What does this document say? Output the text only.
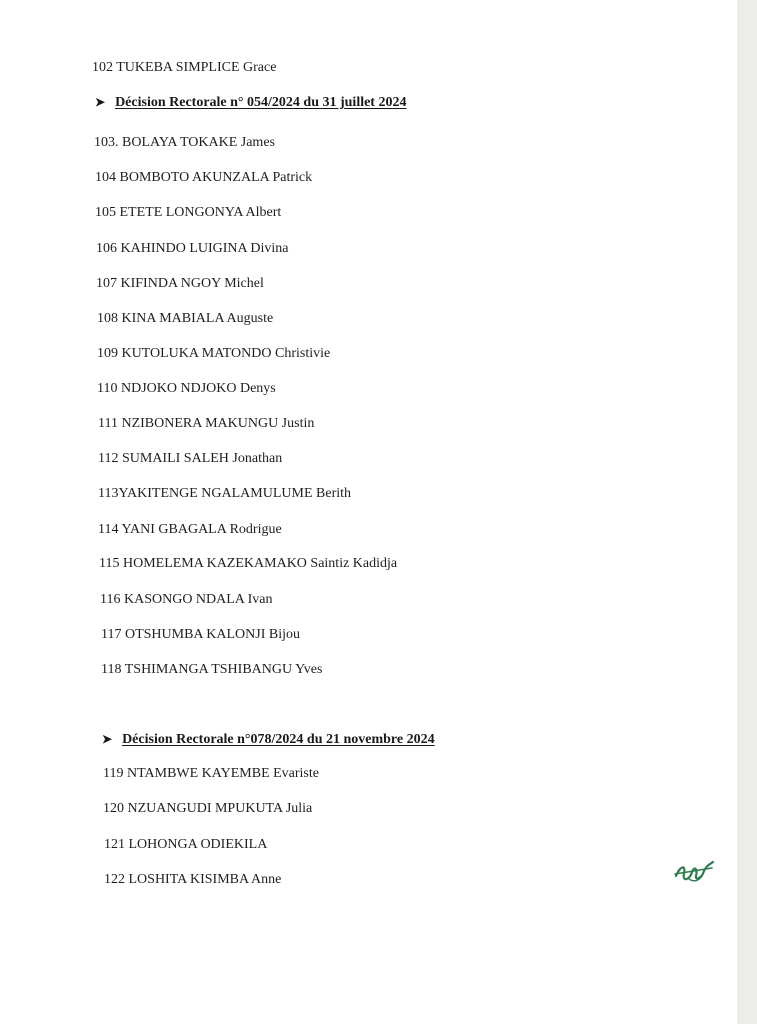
102 TUKEBA SIMPLICE Grace
➤ Décision Rectorale n° 054/2024 du 31 juillet 2024
103. BOLAYA TOKAKE James
104 BOMBOTO AKUNZALA Patrick
105 ETETE LONGONYA Albert
106 KAHINDO LUIGINA Divina
107 KIFINDA NGOY Michel
108 KINA MABIALA Auguste
109 KUTOLUKA MATONDO Christivie
110 NDJOKO NDJOKO Denys
111 NZIBONERA MAKUNGU Justin
112 SUMAILI SALEH Jonathan
113YAKITENGE NGALAMULUME Berith
114 YANI GBAGALA Rodrigue
115 HOMELEMA KAZEKAMAKO Saintiz Kadidja
116 KASONGO NDALA Ivan
117 OTSHUMBA KALONJI Bijou
118 TSHIMANGA TSHIBANGU Yves
➤ Décision Rectorale n°078/2024 du 21 novembre 2024
119 NTAMBWE KAYEMBE Evariste
120 NZUANGUDI MPUKUTA Julia
121 LOHONGA ODIEKILA
122 LOSHITA KISIMBA Anne
